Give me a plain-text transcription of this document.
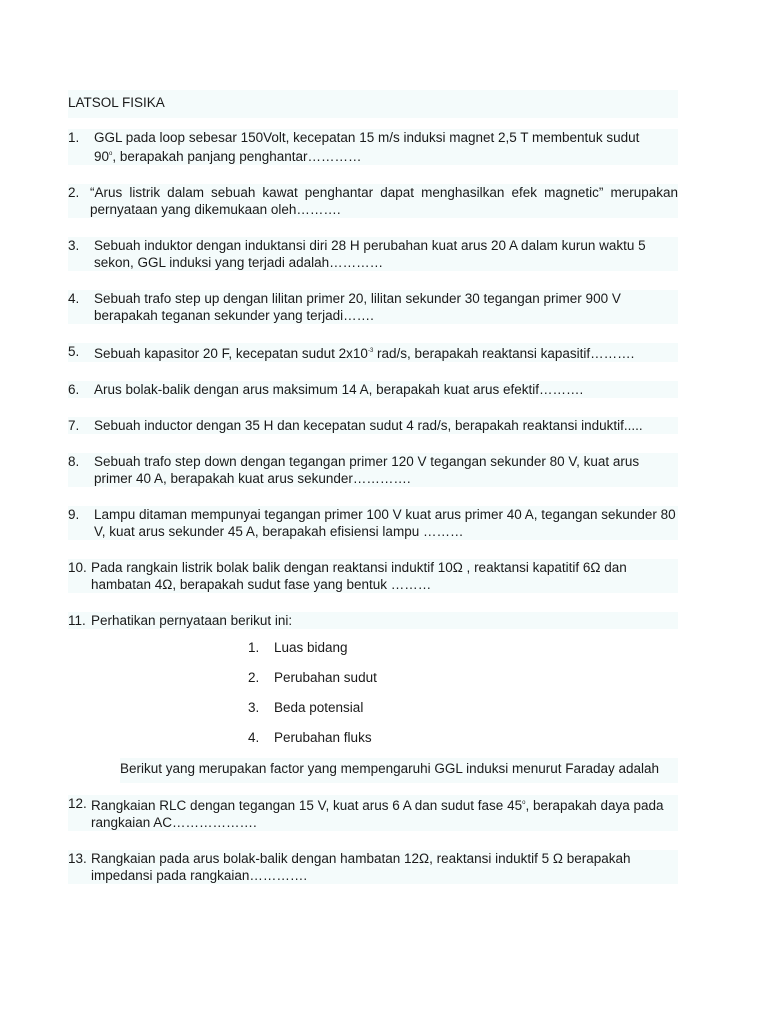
LATSOL FISIKA
1. GGL pada loop sebesar 150Volt, kecepatan 15 m/s induksi magnet 2,5 T membentuk sudut
90$^o$, berapakah panjang penghantar…………
2. “Arus listrik dalam sebuah kawat penghantar dapat menghasilkan efek magnetic” merupakan pernyataan yang dikemukaan oleh……….
3. Sebuah induktor dengan induktansi diri 28 H perubahan kuat arus 20 A dalam kurun waktu 5 sekon, GGL induksi yang terjadi adalah…………
4. Sebuah trafo step up dengan lilitan primer 20, lilitan sekunder 30 tegangan primer 900 V berapakah teganan sekunder yang terjadi…….
5. Sebuah kapasitor 20 F, kecepatan sudut $2x10^{-3}$ rad/s, berapakah reaktansi kapasitif……….
6. Arus bolak-balik dengan arus maksimum 14 A, berapakah kuat arus efektif……….
7. Sebuah inductor dengan 35 H dan kecepatan sudut 4 rad/s, berapakah reaktansi induktif.....
8. Sebuah trafo step down dengan tegangan primer 120 V tegangan sekunder 80 V, kuat arus primer 40 A, berapakah kuat arus sekunder………….
9. Lampu ditaman mempunyai tegangan primer 100 V kuat arus primer 40 A, tegangan sekunder 80 V, kuat arus sekunder 45 A, berapakah efisiensi lampu ………
10. Pada rangkain listrik bolak balik dengan reaktansi induktif 10Ω , reaktansi kapatitif 6Ω dan hambatan 4Ω, berapakah sudut fase yang bentuk ………
11. Perhatikan pernyataan berikut ini:
1. Luas bidang
2. Perubahan sudut
3. Beda potensial
4. Perubahan fluks
Berikut yang merupakan factor yang mempengaruhi GGL induksi menurut Faraday adalah
12. Rangkaian RLC dengan tegangan 15 V, kuat arus 6 A dan sudut fase 45$^o$, berapakah daya pada rangkaian AC……………….
13. Rangkaian pada arus bolak-balik dengan hambatan 12Ω, reaktansi induktif 5 Ω berapakah impedansi pada rangkaian………….
